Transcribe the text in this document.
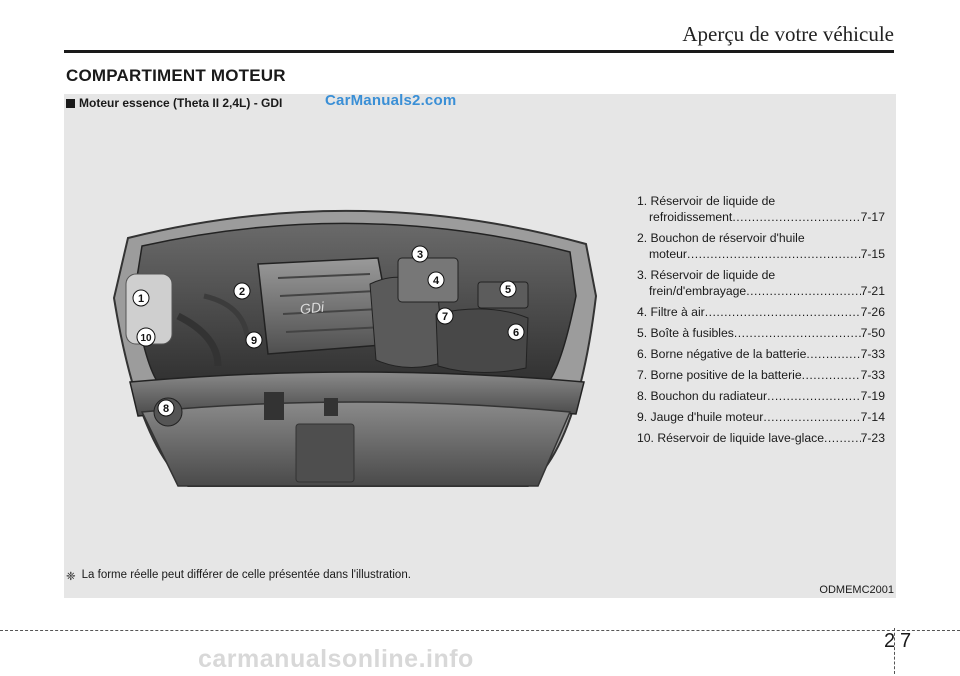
Aperçu de votre véhicule
COMPARTIMENT MOTEUR
Moteur essence (Theta II 2,4L) - GDI	CarManuals2.com
GDi
1
2
3
4
5
6
7
8
9
10
1. Réservoir de liquide de
refroidissement .....	7-17
2. Bouchon de réservoir d'huile
moteur .....	7-15
3. Réservoir de liquide de
frein/d'embrayage .....	7-21
4. Filtre à air .....	7-26
5. Boîte à fusibles .....	7-50
6. Borne négative de la batterie .....	7-33
7. Borne positive de la batterie .....	7-33
8. Bouchon du radiateur .....	7-19
9. Jauge d'huile moteur .....	7-14
10. Réservoir de liquide lave-glace .....	7-23
❈ La forme réelle peut différer de celle présentée dans l'illustration.
ODMEMC2001
2 7
carmanualsonline.info
